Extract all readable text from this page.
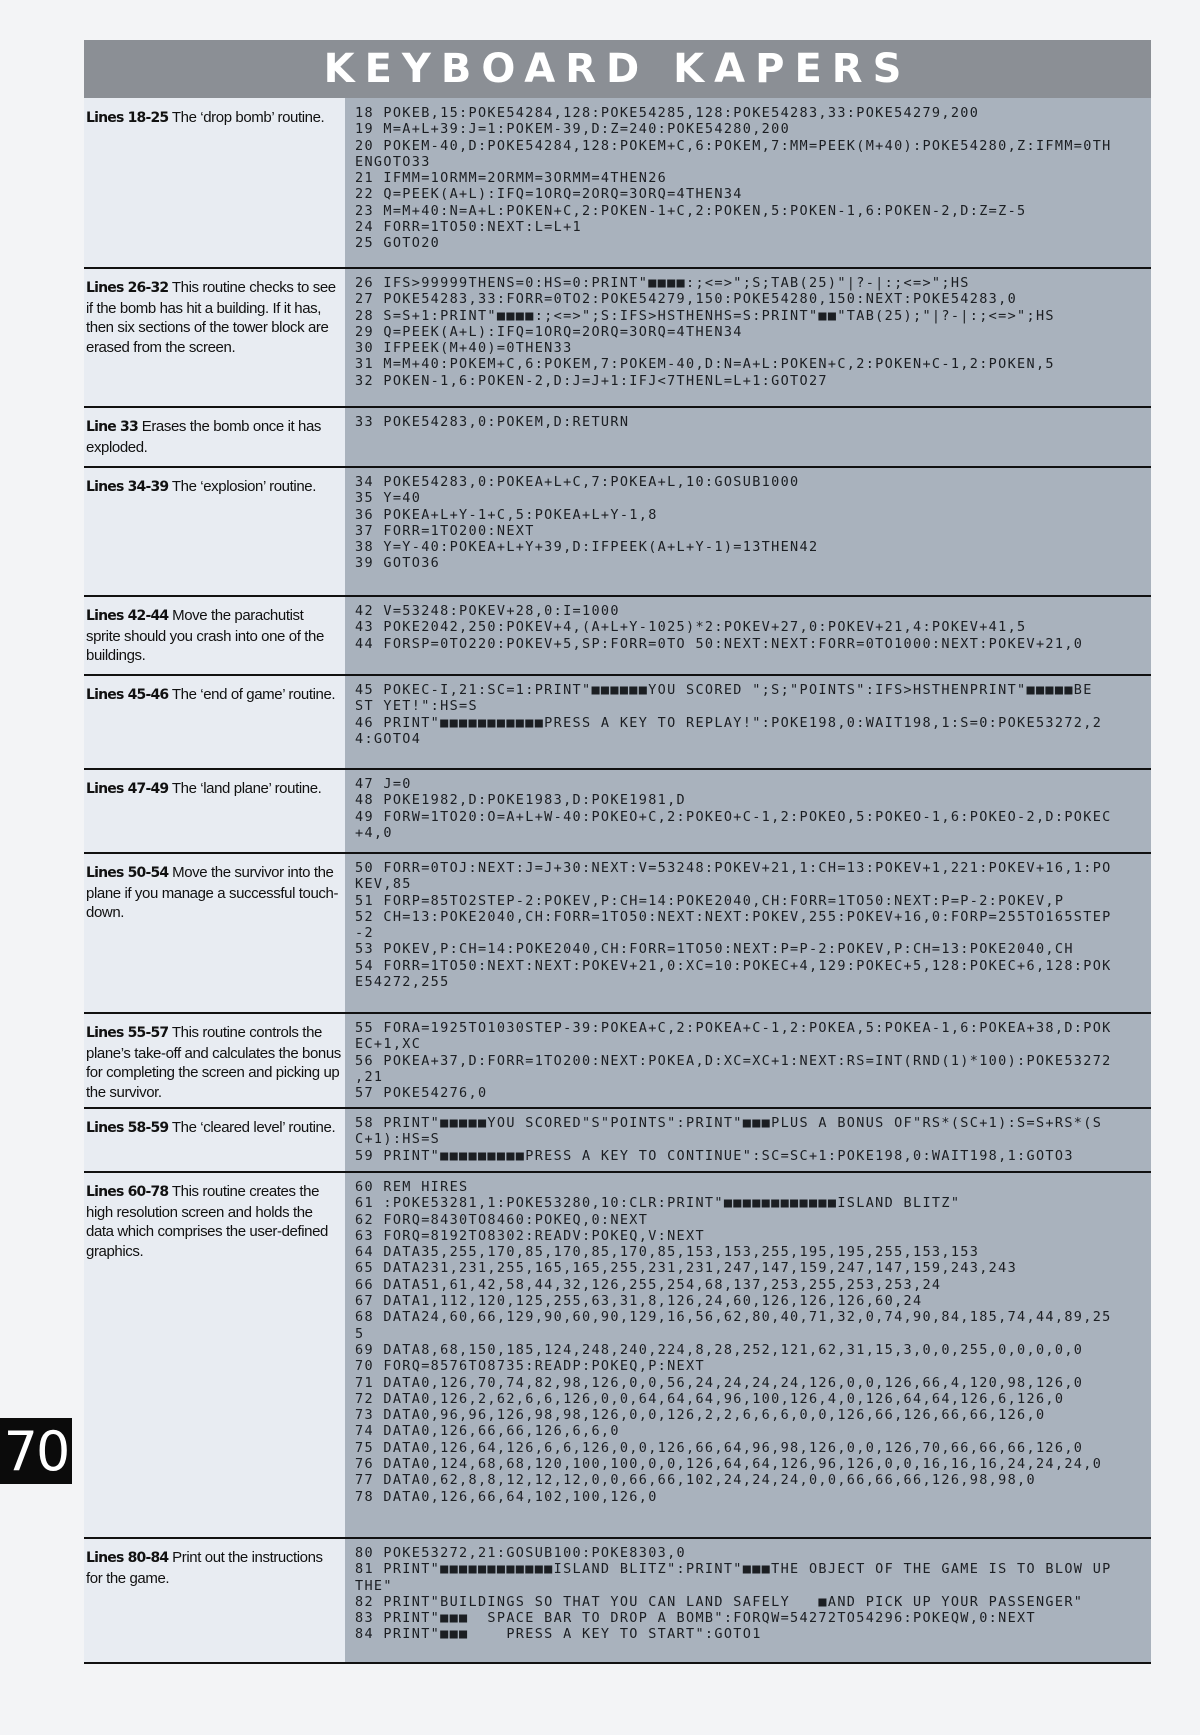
KEYBOARD KAPERS
Lines 18-25 The ‘drop bomb’ routine.	18 POKEB,15:POKE54284,128:POKE54285,128:POKE54283,33:POKE54279,200
19 M=A+L+39:J=1:POKEM-39,D:Z=240:POKE54280,200
20 POKEM-40,D:POKE54284,128:POKEM+C,6:POKEM,7:MM=PEEK(M+40):POKE54280,Z:IFMM=0TH
ENGOTO33
21 IFMM=1ORMM=2ORMM=3ORMM=4THEN26
22 Q=PEEK(A+L):IFQ=1ORQ=2ORQ=3ORQ=4THEN34
23 M=M+40:N=A+L:POKEN+C,2:POKEN-1+C,2:POKEN,5:POKEN-1,6:POKEN-2,D:Z=Z-5
24 FORR=1TO50:NEXT:L=L+1
25 GOTO20
Lines 26-32 This routine checks to see if the bomb has hit a building. If it has, then six sections of the tower block are erased from the screen.
26 IFS>99999THENS=0:HS=0:PRINT"■■■■:;<=>";S;TAB(25)"|?-|:;<=>";HS
27 POKE54283,33:FORR=0TO2:POKE54279,150:POKE54280,150:NEXT:POKE54283,0
28 S=S+1:PRINT"■■■■:;<=>";S:IFS>HSTHENHS=S:PRINT"■■"TAB(25);"|?-|:;<=>";HS
29 Q=PEEK(A+L):IFQ=1ORQ=2ORQ=3ORQ=4THEN34
30 IFPEEK(M+40)=0THEN33
31 M=M+40:POKEM+C,6:POKEM,7:POKEM-40,D:N=A+L:POKEN+C,2:POKEN+C-1,2:POKEN,5
32 POKEN-1,6:POKEN-2,D:J=J+1:IFJ<7THENL=L+1:GOTO27
Line 33 Erases the bomb once it has exploded.
33 POKE54283,0:POKEM,D:RETURN
Lines 34-39 The ‘explosion’ routine.	34 POKE54283,0:POKEA+L+C,7:POKEA+L,10:GOSUB1000
35 Y=40
36 POKEA+L+Y-1+C,5:POKEA+L+Y-1,8
37 FORR=1TO200:NEXT
38 Y=Y-40:POKEA+L+Y+39,D:IFPEEK(A+L+Y-1)=13THEN42
39 GOTO36
Lines 42-44 Move the parachutist sprite should you crash into one of the buildings.
42 V=53248:POKEV+28,0:I=1000
43 POKE2042,250:POKEV+4,(A+L+Y-1025)*2:POKEV+27,0:POKEV+21,4:POKEV+41,5
44 FORSP=0TO220:POKEV+5,SP:FORR=0TO 50:NEXT:NEXT:FORR=0TO1000:NEXT:POKEV+21,0
Lines 45-46 The ‘end of game’ routine.	45 POKEC-I,21:SC=1:PRINT"■■■■■■YOU SCORED ";S;"POINTS":IFS>HSTHENPRINT"■■■■■BE
ST YET!":HS=S
46 PRINT"■■■■■■■■■■■PRESS A KEY TO REPLAY!":POKE198,0:WAIT198,1:S=0:POKE53272,2
4:GOTO4
Lines 47-49 The ‘land plane’ routine.	47 J=0
48 POKE1982,D:POKE1983,D:POKE1981,D
49 FORW=1TO20:O=A+L+W-40:POKEO+C,2:POKEO+C-1,2:POKEO,5:POKEO-1,6:POKEO-2,D:POKEC
+4,0
Lines 50-54 Move the survivor into the plane if you manage a successful touch-down.
50 FORR=0TOJ:NEXT:J=J+30:NEXT:V=53248:POKEV+21,1:CH=13:POKEV+1,221:POKEV+16,1:PO
KEV,85
51 FORP=85TO2STEP-2:POKEV,P:CH=14:POKE2040,CH:FORR=1TO50:NEXT:P=P-2:POKEV,P
52 CH=13:POKE2040,CH:FORR=1TO50:NEXT:NEXT:POKEV,255:POKEV+16,0:FORP=255TO165STEP
-2
53 POKEV,P:CH=14:POKE2040,CH:FORR=1TO50:NEXT:P=P-2:POKEV,P:CH=13:POKE2040,CH
54 FORR=1TO50:NEXT:NEXT:POKEV+21,0:XC=10:POKEC+4,129:POKEC+5,128:POKEC+6,128:POK
E54272,255
Lines 55-57 This routine controls the plane’s take-off and calculates the bonus for completing the screen and picking up the survivor.
55 FORA=1925TO1030STEP-39:POKEA+C,2:POKEA+C-1,2:POKEA,5:POKEA-1,6:POKEA+38,D:POK
EC+1,XC
56 POKEA+37,D:FORR=1TO200:NEXT:POKEA,D:XC=XC+1:NEXT:RS=INT(RND(1)*100):POKE53272
,21
57 POKE54276,0
Lines 58-59 The ‘cleared level’ routine.	58 PRINT"■■■■■YOU SCORED"S"POINTS":PRINT"■■■PLUS A BONUS OF"RS*(SC+1):S=S+RS*(S
C+1):HS=S
59 PRINT"■■■■■■■■■PRESS A KEY TO CONTINUE":SC=SC+1:POKE198,0:WAIT198,1:GOTO3
Lines 60-78 This routine creates the high resolution screen and holds the data which comprises the user-defined graphics.
60 REM HIRES
61 :POKE53281,1:POKE53280,10:CLR:PRINT"■■■■■■■■■■■■ISLAND BLITZ"
62 FORQ=8430TO8460:POKEQ,0:NEXT
63 FORQ=8192TO8302:READV:POKEQ,V:NEXT
64 DATA35,255,170,85,170,85,170,85,153,153,255,195,195,255,153,153
65 DATA231,231,255,165,165,255,231,231,247,147,159,247,147,159,243,243
66 DATA51,61,42,58,44,32,126,255,254,68,137,253,255,253,253,24
67 DATA1,112,120,125,255,63,31,8,126,24,60,126,126,126,60,24
68 DATA24,60,66,129,90,60,90,129,16,56,62,80,40,71,32,0,74,90,84,185,74,44,89,25
5
69 DATA8,68,150,185,124,248,240,224,8,28,252,121,62,31,15,3,0,0,255,0,0,0,0,0
70 FORQ=8576TO8735:READP:POKEQ,P:NEXT
71 DATA0,126,70,74,82,98,126,0,0,56,24,24,24,24,126,0,0,126,66,4,120,98,126,0
72 DATA0,126,2,62,6,6,126,0,0,64,64,64,96,100,126,4,0,126,64,64,126,6,126,0
73 DATA0,96,96,126,98,98,126,0,0,126,2,2,6,6,6,0,0,126,66,126,66,66,126,0
74 DATA0,126,66,66,126,6,6,0
75 DATA0,126,64,126,6,6,126,0,0,126,66,64,96,98,126,0,0,126,70,66,66,66,126,0
76 DATA0,124,68,68,120,100,100,0,0,126,64,64,126,96,126,0,0,16,16,16,24,24,24,0
77 DATA0,62,8,8,12,12,12,0,0,66,66,102,24,24,24,0,0,66,66,66,126,98,98,0
78 DATA0,126,66,64,102,100,126,0
Lines 80-84 Print out the instructions for the game.
80 POKE53272,21:GOSUB100:POKE8303,0
81 PRINT"■■■■■■■■■■■■ISLAND BLITZ":PRINT"■■■THE OBJECT OF THE GAME IS TO BLOW UP
THE"
82 PRINT"BUILDINGS SO THAT YOU CAN LAND SAFELY   ■AND PICK UP YOUR PASSENGER"
83 PRINT"■■■  SPACE BAR TO DROP A BOMB":FORQW=54272TO54296:POKEQW,0:NEXT
84 PRINT"■■■    PRESS A KEY TO START":GOTO1
70
